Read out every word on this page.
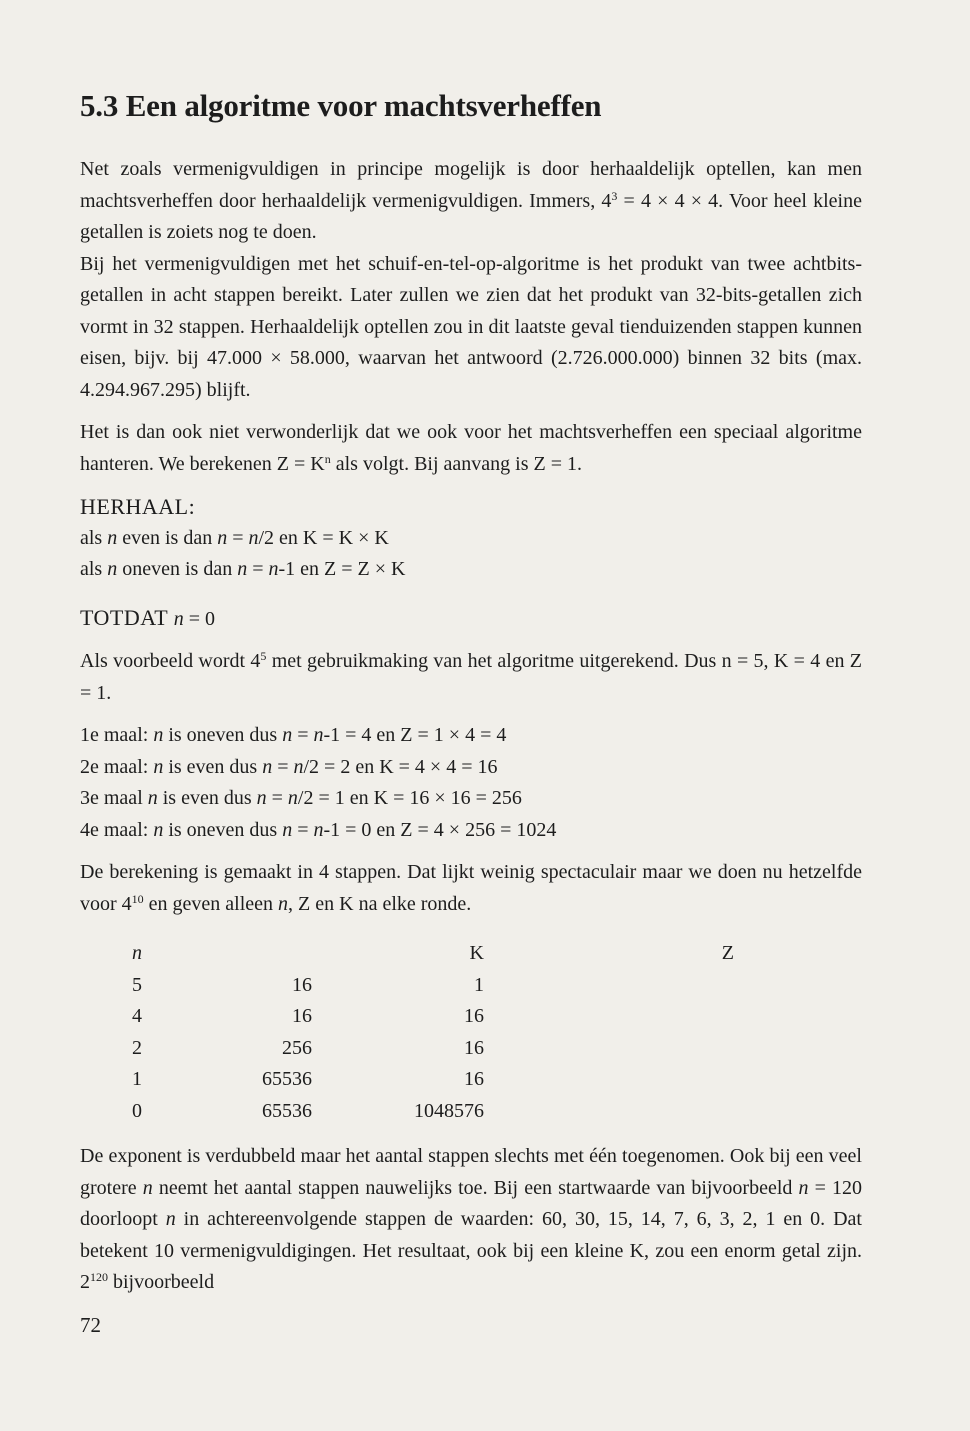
5.3 Een algoritme voor machtsverheffen

Net zoals vermenigvuldigen in principe mogelijk is door herhaaldelijk optellen, kan men machtsverheffen door herhaaldelijk vermenigvuldigen. Immers, $4^3 = 4 \times 4 \times 4$. Voor heel kleine getallen is zoiets nog te doen.

Bij het vermenigvuldigen met het schuif-en-tel-op-algoritme is het produkt van twee achtbits-getallen in acht stappen bereikt. Later zullen we zien dat het produkt van 32-bits-getallen zich vormt in 32 stappen. Herhaaldelijk optellen zou in dit laatste geval tienduizenden stappen kunnen eisen, bijv. bij 47.000 × 58.000, waarvan het antwoord (2.726.000.000) binnen 32 bits (max. 4.294.967.295) blijft.

Het is dan ook niet verwonderlijk dat we ook voor het machtsverheffen een speciaal algoritme hanteren. We berekenen $Z = K^n$ als volgt. Bij aanvang is Z = 1.

HERHAAL:
als n even is dan n = n/2 en K = K × K
als n oneven is dan n = n-1 en Z = Z × K
TOTDAT n = 0

Als voorbeeld wordt $4^5$ met gebruikmaking van het algoritme uitgerekend. Dus n = 5, K = 4 en Z = 1.

1e maal: n is oneven dus n = n-1 = 4 en Z = 1 × 4 = 4
2e maal: n is even dus n = n/2 = 2 en K = 4 × 4 = 16
3e maal n is even dus n = n/2 = 1 en K = 16 × 16 = 256
4e maal: n is oneven dus n = n-1 = 0 en Z = 4 × 256 = 1024

De berekening is gemaakt in 4 stappen. Dat lijkt weinig spectaculair maar we doen nu hetzelfde voor $4^{10}$ en geven alleen n, Z en K na elke ronde.

n		K	Z
5	16	1	
4	16	16	
2	256	16	
1	65536	16	
0	65536	1048576	

De exponent is verdubbeld maar het aantal stappen slechts met één toegenomen. Ook bij een veel grotere n neemt het aantal stappen nauwelijks toe. Bij een startwaarde van bijvoorbeeld n = 120 doorloopt n in achtereenvolgende stappen de waarden: 60, 30, 15, 14, 7, 6, 3, 2, 1 en 0. Dat betekent 10 vermenigvuldigingen. Het resultaat, ook bij een kleine K, zou een enorm getal zijn. $2^{120}$ bijvoorbeeld

72
